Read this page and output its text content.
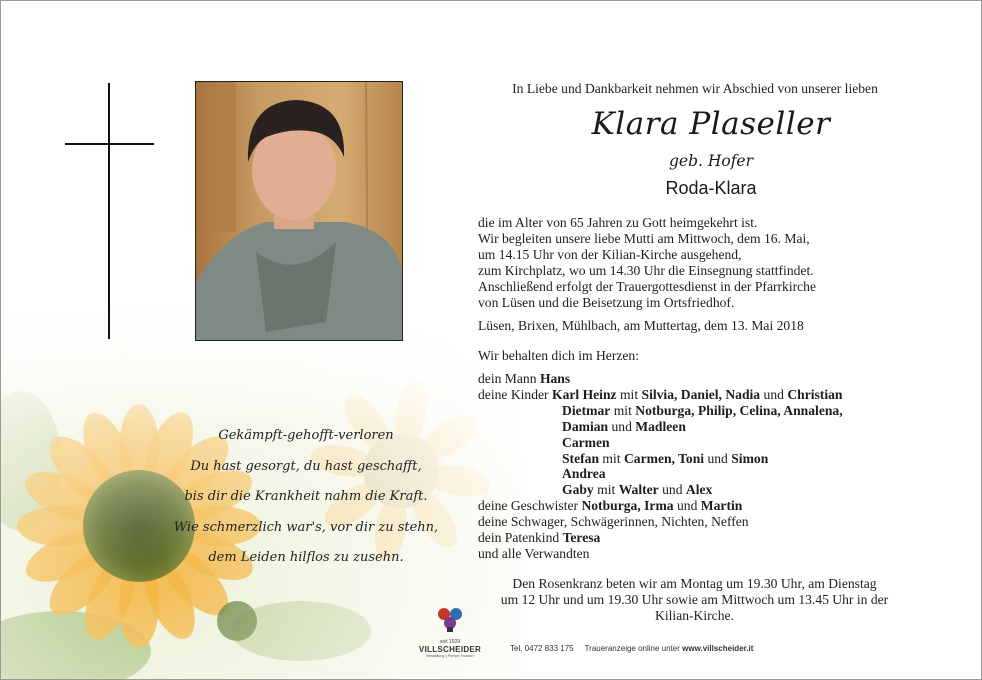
Gekämpft-gehofft-verloren
Du hast gesorgt, du hast geschafft,
bis dir die Krankheit nahm die Kraft.
Wie schmerzlich war's, vor dir zu stehn,
dem Leiden hilflos zu zusehn.
In Liebe und Dankbarkeit nehmen wir Abschied von unserer lieben
Klara Plaseller
geb. Hofer
Roda-Klara
die im Alter von 65 Jahren zu Gott heimgekehrt ist.
Wir begleiten unsere liebe Mutti am Mittwoch, dem 16. Mai,
um 14.15 Uhr von der Kilian-Kirche ausgehend,
zum Kirchplatz, wo um 14.30 Uhr die Einsegnung stattfindet.
Anschließend erfolgt der Trauergottesdienst in der Pfarrkirche
von Lüsen und die Beisetzung im Ortsfriedhof.
Lüsen, Brixen, Mühlbach, am Muttertag, dem 13. Mai 2018
Wir behalten dich im Herzen:
dein Mann Hans
deine Kinder Karl Heinz mit Silvia, Daniel, Nadia und Christian
Dietmar mit Notburga, Philip, Celina, Annalena,
Damian und Madleen
Carmen
Stefan mit Carmen, Toni und Simon
Andrea
Gaby mit Walter und Alex
deine Geschwister Notburga, Irma und Martin
deine Schwager, Schwägerinnen, Nichten, Neffen
dein Patenkind Teresa
und alle Verwandten
Den Rosenkranz beten wir am Montag um 19.30 Uhr, am Dienstag
um 12 Uhr und um 19.30 Uhr sowie am Mittwoch um 13.45 Uhr in der
Kilian-Kirche.
seit 1929
VILLSCHEIDER
Bestattung | Pompe Funebri
Tel. 0472 833 175 Traueranzeige online unter www.villscheider.it
